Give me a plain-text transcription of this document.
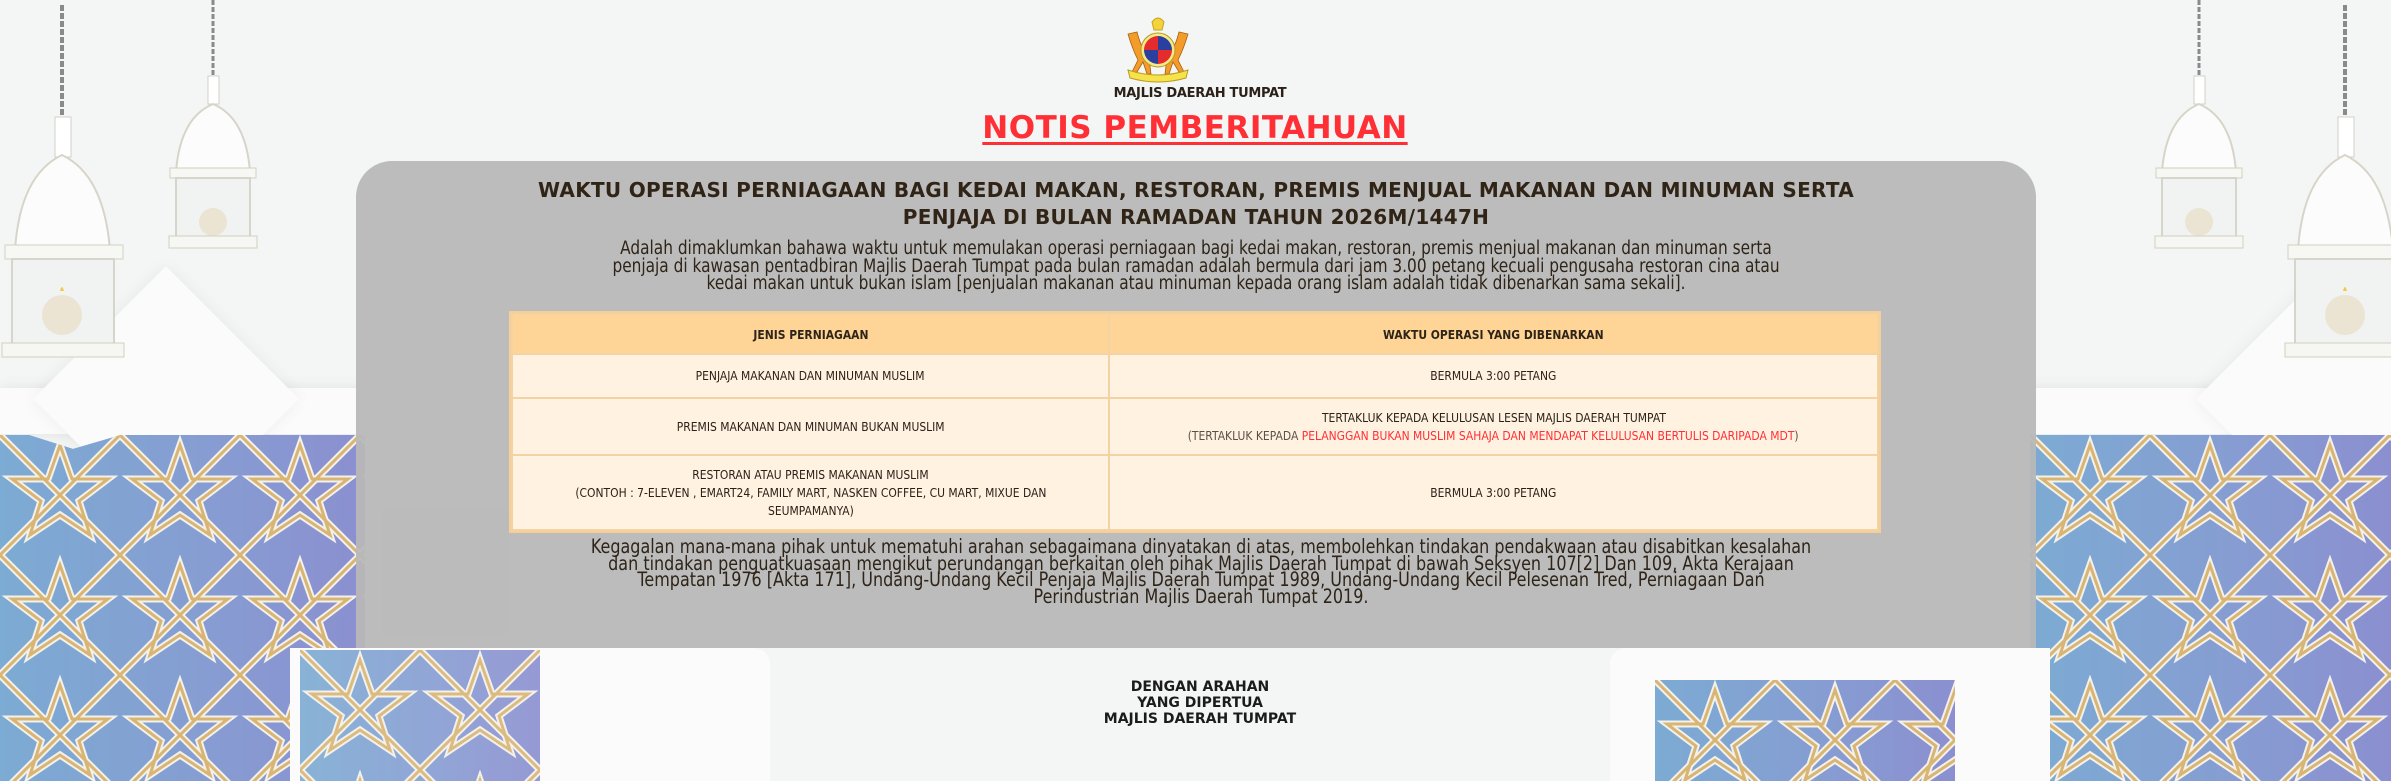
MAJLIS DAERAH TUMPAT
NOTIS PEMBERITAHUAN
WAKTU OPERASI PERNIAGAAN BAGI KEDAI MAKAN, RESTORAN, PREMIS MENJUAL MAKANAN DAN MINUMAN SERTA
PENJAJA DI BULAN RAMADAN TAHUN 2026M/1447H
Adalah dimaklumkan bahawa waktu untuk memulakan operasi perniagaan bagi kedai makan, restoran, premis menjual makanan dan minuman serta
penjaja di kawasan pentadbiran Majlis Daerah Tumpat pada bulan ramadan adalah bermula dari jam 3.00 petang kecuali pengusaha restoran cina atau
kedai makan untuk bukan islam [penjualan makanan atau minuman kepada orang islam adalah tidak dibenarkan sama sekali].
JENIS PERNIAGAAN	WAKTU OPERASI YANG DIBENARKAN
PENJAJA MAKANAN DAN MINUMAN MUSLIM	BERMULA 3:00 PETANG
PREMIS MAKANAN DAN MINUMAN BUKAN MUSLIM	TERTAKLUK KEPADA KELULUSAN LESEN MAJLIS DAERAH TUMPAT
(TERTAKLUK KEPADA PELANGGAN BUKAN MUSLIM SAHAJA DAN MENDAPAT KELULUSAN BERTULIS DARIPADA MDT)
RESTORAN ATAU PREMIS MAKANAN MUSLIM
(CONTOH : 7-ELEVEN , EMART24, FAMILY MART, NASKEN COFFEE, CU MART, MIXUE DAN
SEUMPAMANYA)	BERMULA 3:00 PETANG
Kegagalan mana-mana pihak untuk mematuhi arahan sebagaimana dinyatakan di atas, membolehkan tindakan pendakwaan atau disabitkan kesalahan
dan tindakan penguatkuasaan mengikut perundangan berkaitan oleh pihak Majlis Daerah Tumpat di bawah Seksyen 107[2] Dan 109, Akta Kerajaan
Tempatan 1976 [Akta 171], Undang-Undang Kecil Penjaja Majlis Daerah Tumpat 1989, Undang-Undang Kecil Pelesenan Tred, Perniagaan Dan
Perindustrian Majlis Daerah Tumpat 2019.
DENGAN ARAHAN
YANG DIPERTUA
MAJLIS DAERAH TUMPAT
